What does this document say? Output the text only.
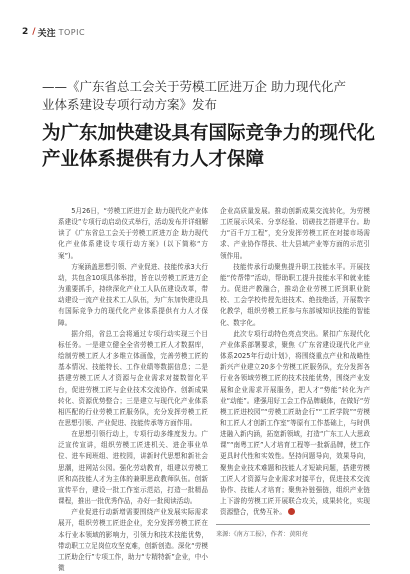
2 / 关注 TOPIC
——《广东省总工会关于劳模工匠进万企 助力现代化产业体系建设专项行动方案》发布
为广东加快建设具有国际竞争力的现代化产业体系提供有力人才保障

5月26日，“劳模工匠进万企 助力现代化产业体系建设”专项行动启动仪式举行，活动发布并详细解读了《广东省总工会关于劳模工匠进万企 助力现代化产业体系建设专项行动方案》(以下简称“方案”)。

方案涵盖思想引领、产业促进、技能传承3大行动，共包含10项具体举措，旨在以劳模工匠进万企为重要抓手，持续深化产业工人队伍建设改革，带动建设一流产业技术工人队伍，为广东加快建设具有国际竞争力的现代化产业体系提供有力人才保障。

据介绍，省总工会将通过专项行动实现三个目标任务。一是建立健全全省劳模工匠人才数据库，绘制劳模工匠人才多维立体画像，完善劳模工匠的基本情况、技能特长、工作业绩等数据信息；二是搭建劳模工匠人才资源与企业需求对接数智化平台，促进劳模工匠与企业技术交流协作、创新成果转化、资源优势整合；三是建立与现代化产业体系相匹配的行业劳模工匠服务队，充分发挥劳模工匠在思想引领、产业促进、技能传承等方面作用。

在思想引领行动上，专项行动多维度发力。广泛宣传宣讲，组织劳模工匠进机关、进企事业单位、进车间班组、进校园，讲新时代思想和新社会思潮，进网站公园。强化劳动教育，组建以劳模工匠和高技能人才为主体的兼职思政教师队伍。创新宣传平台，建设一批工作室示范站，打造一批精品课程，推出一批优秀作品，办好一批阅读活动。

产业促进行动新增需要围绕产业发展实际需求展开，组织劳模工匠进企业，充分发挥劳模工匠在本行业本领域的影响力，引领力和技术技能优势，带动职工立足岗位攻坚克难，创新创造。深化“劳模工匠助企行”专项工作，助力“专精特新”企业，中小微

企业高质量发展。推动创新成果交流转化，为劳模工匠展示风采、分享经验、切磋技艺搭建平台。助力“百千万工程”，充分发挥劳模工匠在对接市场需求、产业协作帮扶、壮大县域产业等方面的示范引领作用。

技能传承行动聚焦提升职工技能水平。开展技能“传帮带”活动，帮助职工提升技能水平和就业能力。促进产教融合，推动企业劳模工匠到职业院校、工会学校传授先进技术、绝技绝活，开展数字化教学，组织劳模工匠参与东部城知识技能的智能化、数字化。

此次专项行动特色亮点突出。紧扣广东现代化产业体系部署要求，聚焦《广东省建设现代化产业体系2025年行动计划》，将围绕重点产业和战略性新兴产业建立20多个劳模工匠服务队，充分发挥各行业各领域劳模工匠的技术技能优势，围绕产业发展和企业需求开展服务，把人才“势能”转化为产业“动能”。建强用好工会工作品牌载体，在做好“劳模工匠进校园”“劳模工匠助企行”“工匠学院”“劳模和工匠人才创新工作室”等原有工作基础上，与时俱进融入新内涵，拓宽新领域，打造“广东工人大思政课”“南粤工匠”人才培育工程等一批新品牌，使工作更具时代性和实效性。坚持问题导向，效果导向，聚焦企业技术难题和技能人才短缺问题，搭建劳模工匠人才资源与企业需求对接平台，促进技术交流协作、技能人才培育；聚焦补链强链，组织产业链上下游的劳模工匠开展联合攻关，成果转化，实现资源整合，优势互补。

来源:《南方工报》，作者：黄阳亮
